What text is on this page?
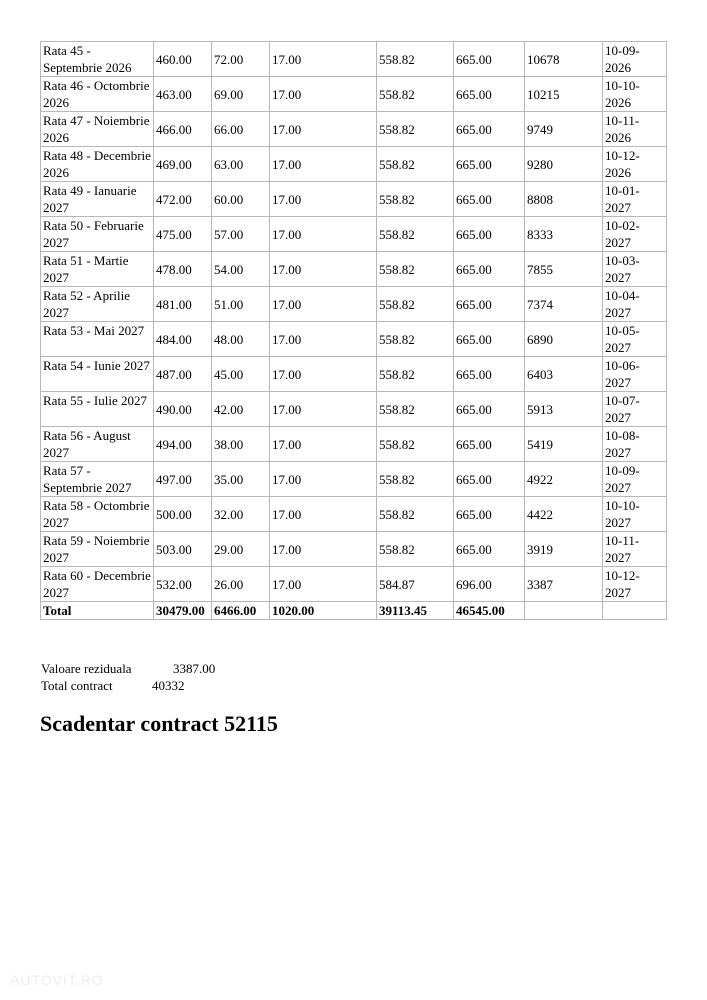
Rata 45 - Septembrie 2026	460.00	72.00	17.00	558.82	665.00	10678	10-09-2026
Rata 46 - Octombrie 2026	463.00	69.00	17.00	558.82	665.00	10215	10-10-2026
Rata 47 - Noiembrie 2026	466.00	66.00	17.00	558.82	665.00	9749	10-11-2026
Rata 48 - Decembrie 2026	469.00	63.00	17.00	558.82	665.00	9280	10-12-2026
Rata 49 - Ianuarie 2027	472.00	60.00	17.00	558.82	665.00	8808	10-01-2027
Rata 50 - Februarie 2027	475.00	57.00	17.00	558.82	665.00	8333	10-02-2027
Rata 51 - Martie 2027	478.00	54.00	17.00	558.82	665.00	7855	10-03-2027
Rata 52 - Aprilie 2027	481.00	51.00	17.00	558.82	665.00	7374	10-04-2027
Rata 53 - Mai 2027	484.00	48.00	17.00	558.82	665.00	6890	10-05-2027
Rata 54 - Iunie 2027	487.00	45.00	17.00	558.82	665.00	6403	10-06-2027
Rata 55 - Iulie 2027	490.00	42.00	17.00	558.82	665.00	5913	10-07-2027
Rata 56 - August 2027	494.00	38.00	17.00	558.82	665.00	5419	10-08-2027
Rata 57 - Septembrie 2027	497.00	35.00	17.00	558.82	665.00	4922	10-09-2027
Rata 58 - Octombrie 2027	500.00	32.00	17.00	558.82	665.00	4422	10-10-2027
Rata 59 - Noiembrie 2027	503.00	29.00	17.00	558.82	665.00	3919	10-11-2027
Rata 60 - Decembrie 2027	532.00	26.00	17.00	584.87	696.00	3387	10-12-2027
Total	30479.00	6466.00	1020.00	39113.45	46545.00		
Valoare reziduala	3387.00
Total contract	40332
Scadentar contract 52115
AUTOVIT.RO
